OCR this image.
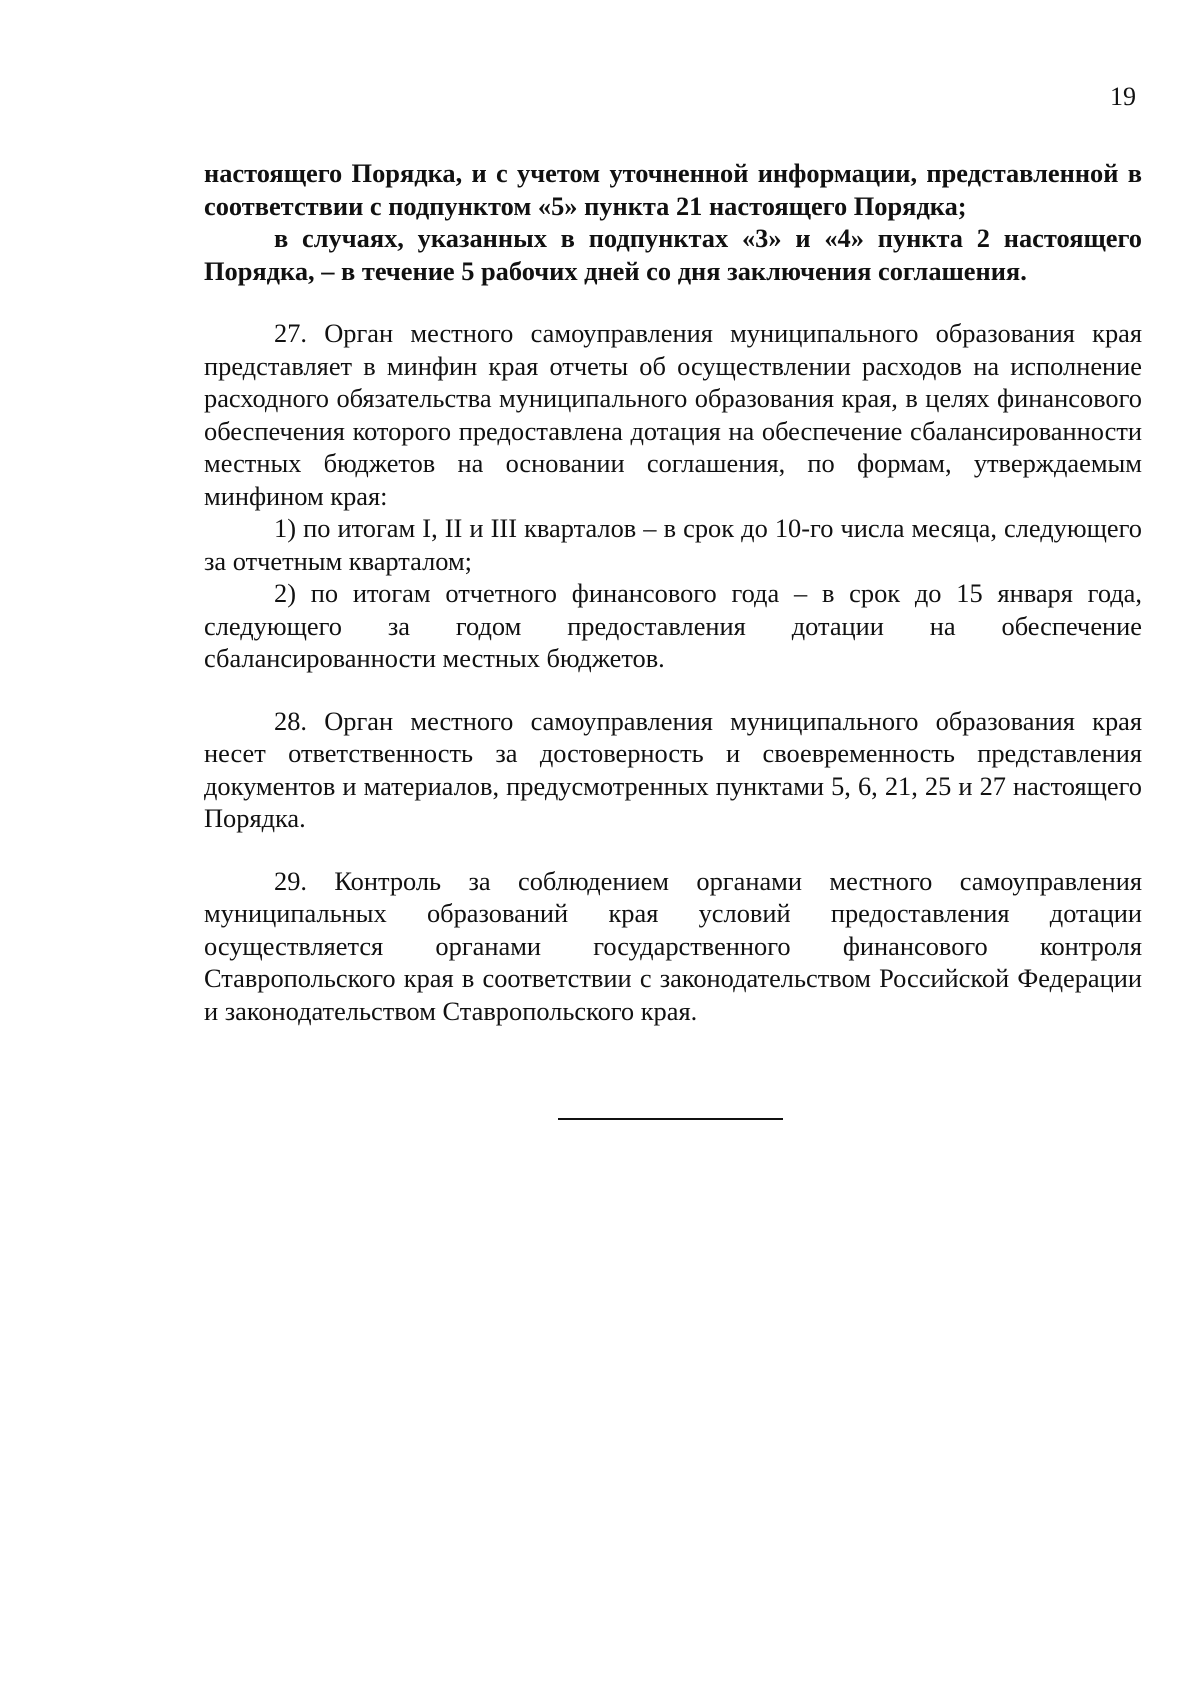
19

настоящего Порядка, и с учетом уточненной информации, представленной в соответствии с подпунктом «5» пункта 21 настоящего Порядка;

в случаях, указанных в подпунктах «3» и «4» пункта 2 настоящего Порядка, – в течение 5 рабочих дней со дня заключения соглашения.

27. Орган местного самоуправления муниципального образования края представляет в минфин края отчеты об осуществлении расходов на исполнение расходного обязательства муниципального образования края, в целях финансового обеспечения которого предоставлена дотация на обеспечение сбалансированности местных бюджетов на основании соглашения, по формам, утверждаемым минфином края:

1) по итогам I, II и III кварталов – в срок до 10-го числа месяца, следующего за отчетным кварталом;

2) по итогам отчетного финансового года – в срок до 15 января года, следующего за годом предоставления дотации на обеспечение сбалансированности местных бюджетов.

28. Орган местного самоуправления муниципального образования края несет ответственность за достоверность и своевременность представления документов и материалов, предусмотренных пунктами 5, 6, 21, 25 и 27 настоящего Порядка.

29. Контроль за соблюдением органами местного самоуправления муниципальных образований края условий предоставления дотации осуществляется органами государственного финансового контроля Ставропольского края в соответствии с законодательством Российской Федерации и законодательством Ставропольского края.
